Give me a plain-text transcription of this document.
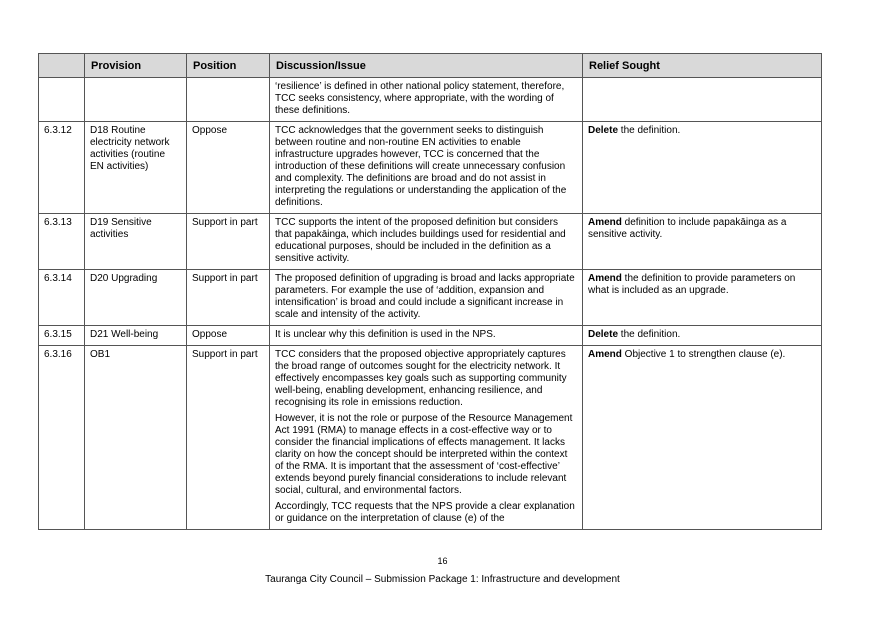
	Provision	Position	Discussion/Issue	Relief Sought

			‘resilience’ is defined in other national policy statement, therefore, TCC seeks consistency, where appropriate, with the wording of these definitions.	

6.3.12	D18 Routine electricity network activities (routine EN activities)	Oppose	TCC acknowledges that the government seeks to distinguish between routine and non-routine EN activities to enable infrastructure upgrades however, TCC is concerned that the introduction of these definitions will create unnecessary confusion and complexity. The definitions are broad and do not assist in interpreting the regulations or understanding the application of the definitions.	Delete the definition.
6.3.13	D19 Sensitive activities	Support in part	TCC supports the intent of the proposed definition but considers that papakāinga, which includes buildings used for residential and educational purposes, should be included in the definition as a sensitive activity.	Amend definition to include papakāinga as a sensitive activity.
6.3.14	D20 Upgrading	Support in part	The proposed definition of upgrading is broad and lacks appropriate parameters. For example the use of ‘addition, expansion and intensification’ is broad and could include a significant increase in scale and intensity of the activity.	Amend the definition to provide parameters on what is included as an upgrade.
6.3.15	D21 Well-being	Oppose	It is unclear why this definition is used in the NPS.	Delete the definition.
6.3.16	OB1	Support in part	TCC considers that the proposed objective appropriately captures the broad range of outcomes sought for the electricity network. It effectively encompasses key goals such as supporting community well-being, enabling development, enhancing resilience, and recognising its role in emissions reduction.

However, it is not the role or purpose of the Resource Management Act 1991 (RMA) to manage effects in a cost-effective way or to consider the financial implications of effects management. It lacks clarity on how the concept should be interpreted within the context of the RMA. It is important that the assessment of ‘cost-effective’ extends beyond purely financial considerations to include relevant social, cultural, and environmental factors.

Accordingly, TCC requests that the NPS provide a clear explanation or guidance on the interpretation of clause (e) of the	Amend Objective 1 to strengthen clause (e).
16
Tauranga City Council – Submission Package 1: Infrastructure and development
